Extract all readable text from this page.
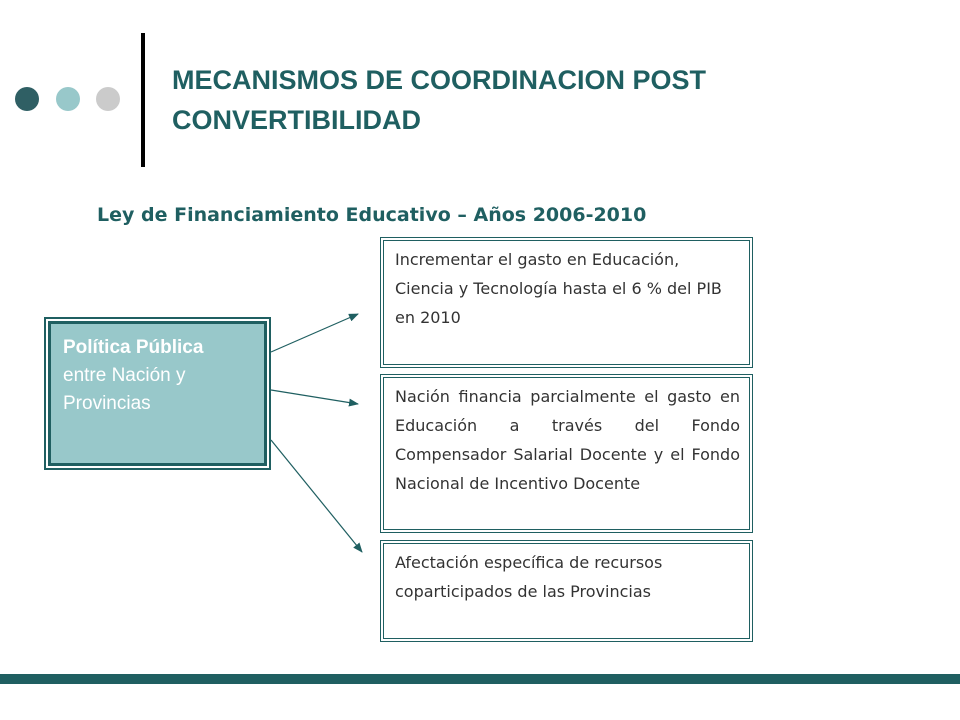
MECANISMOS DE COORDINACION POST
CONVERTIBILIDAD
Ley de Financiamiento Educativo – Años 2006-2010
Política Pública
entre Nación y
Provincias
Incrementar el gasto en Educación, Ciencia y Tecnología hasta el 6 % del PIB en 2010
Nación financia parcialmente el gasto en Educación a través del Fondo Compensador Salarial Docente y el Fondo Nacional de Incentivo Docente
Afectación específica de recursos coparticipados de las Provincias
